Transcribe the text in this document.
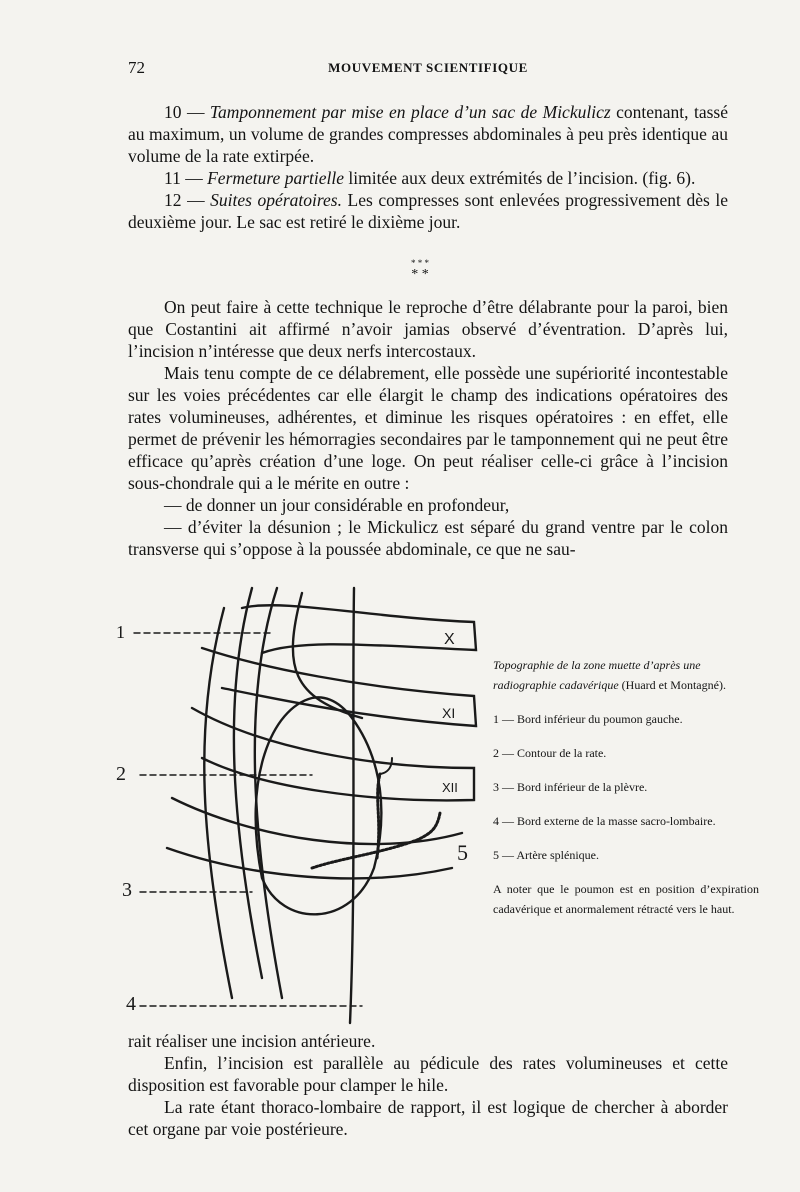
72	MOUVEMENT SCIENTIFIQUE

10 — Tamponnement par mise en place d’un sac de Mickulicz contenant, tassé au maximum, un volume de grandes compresses abdominales à peu près identique au volume de la rate extirpée.

11 — Fermeture partielle limitée aux deux extrémités de l’incision. (fig. 6).

12 — Suites opératoires. Les compresses sont enlevées progressivement dès le deuxième jour. Le sac est retiré le dixième jour.

* * *
* *

On peut faire à cette technique le reproche d’être délabrante pour la paroi, bien que Costantini ait affirmé n’avoir jamias observé d’éventration. D’après lui, l’incision n’intéresse que deux nerfs intercostaux.

Mais tenu compte de ce délabrement, elle possède une supériorité incontestable sur les voies précédentes car elle élargit le champ des indications opératoires des rates volumineuses, adhérentes, et diminue les risques opératoires : en effet, elle permet de prévenir les hémorragies secondaires par le tamponnement qui ne peut être efficace qu’après création d’une loge. On peut réaliser celle-ci grâce à l’incision sous-chondrale qui a le mérite en outre :

— de donner un jour considérable en profondeur,

— d’éviter la désunion ; le Mickulicz est séparé du grand ventre par le colon transverse qui s’oppose à la poussée abdominale, ce que ne sau-

1
2
3
4
5
X
XI
XII

Topographie de la zone muette d’après une radiographie cadavérique (Huard et Montagné).

1 — Bord inférieur du poumon gauche.

2 — Contour de la rate.

3 — Bord inférieur de la plèvre.

4 — Bord externe de la masse sacro-lombaire.

5 — Artère splénique.

A noter que le poumon est en position d’expiration cadavérique et anormalement rétracté vers le haut.

rait réaliser une incision antérieure.

Enfin, l’incision est parallèle au pédicule des rates volumineuses et cette disposition est favorable pour clamper le hile.

La rate étant thoraco-lombaire de rapport, il est logique de chercher à aborder cet organe par voie postérieure.
